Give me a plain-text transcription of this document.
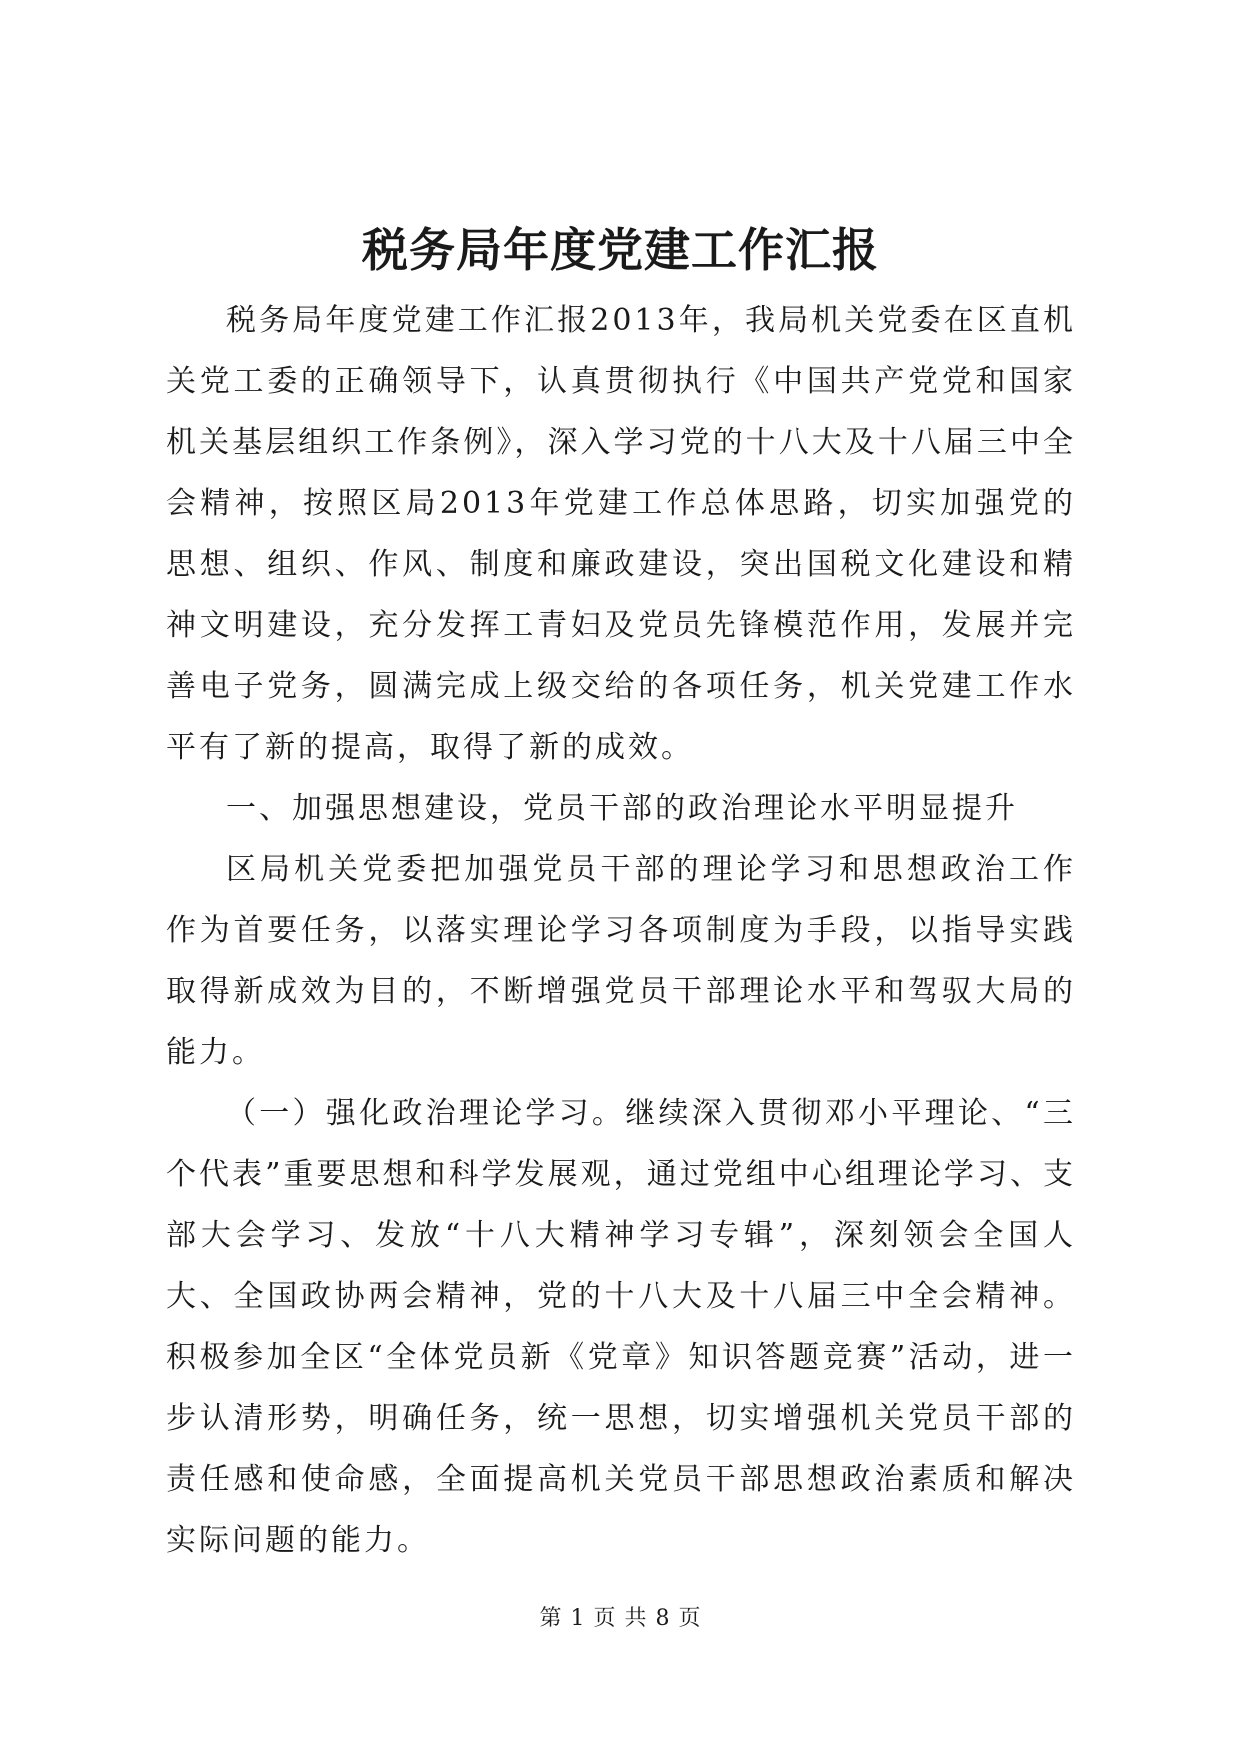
税务局年度党建工作汇报

税务局年度党建工作汇报2013年，我局机关党委在区直机关党工委的正确领导下，认真贯彻执行《中国共产党党和国家机关基层组织工作条例》，深入学习党的十八大及十八届三中全会精神，按照区局2013年党建工作总体思路，切实加强党的思想、组织、作风、制度和廉政建设，突出国税文化建设和精神文明建设，充分发挥工青妇及党员先锋模范作用，发展并完善电子党务，圆满完成上级交给的各项任务，机关党建工作水平有了新的提高，取得了新的成效。

一、加强思想建设，党员干部的政治理论水平明显提升

区局机关党委把加强党员干部的理论学习和思想政治工作作为首要任务，以落实理论学习各项制度为手段，以指导实践取得新成效为目的，不断增强党员干部理论水平和驾驭大局的能力。

（一）强化政治理论学习。继续深入贯彻邓小平理论、“三个代表”重要思想和科学发展观，通过党组中心组理论学习、支部大会学习、发放“十八大精神学习专辑”，深刻领会全国人大、全国政协两会精神，党的十八大及十八届三中全会精神。积极参加全区“全体党员新《党章》知识答题竞赛”活动，进一步认清形势，明确任务，统一思想，切实增强机关党员干部的责任感和使命感，全面提高机关党员干部思想政治素质和解决实际问题的能力。

第 1 页 共 8 页
